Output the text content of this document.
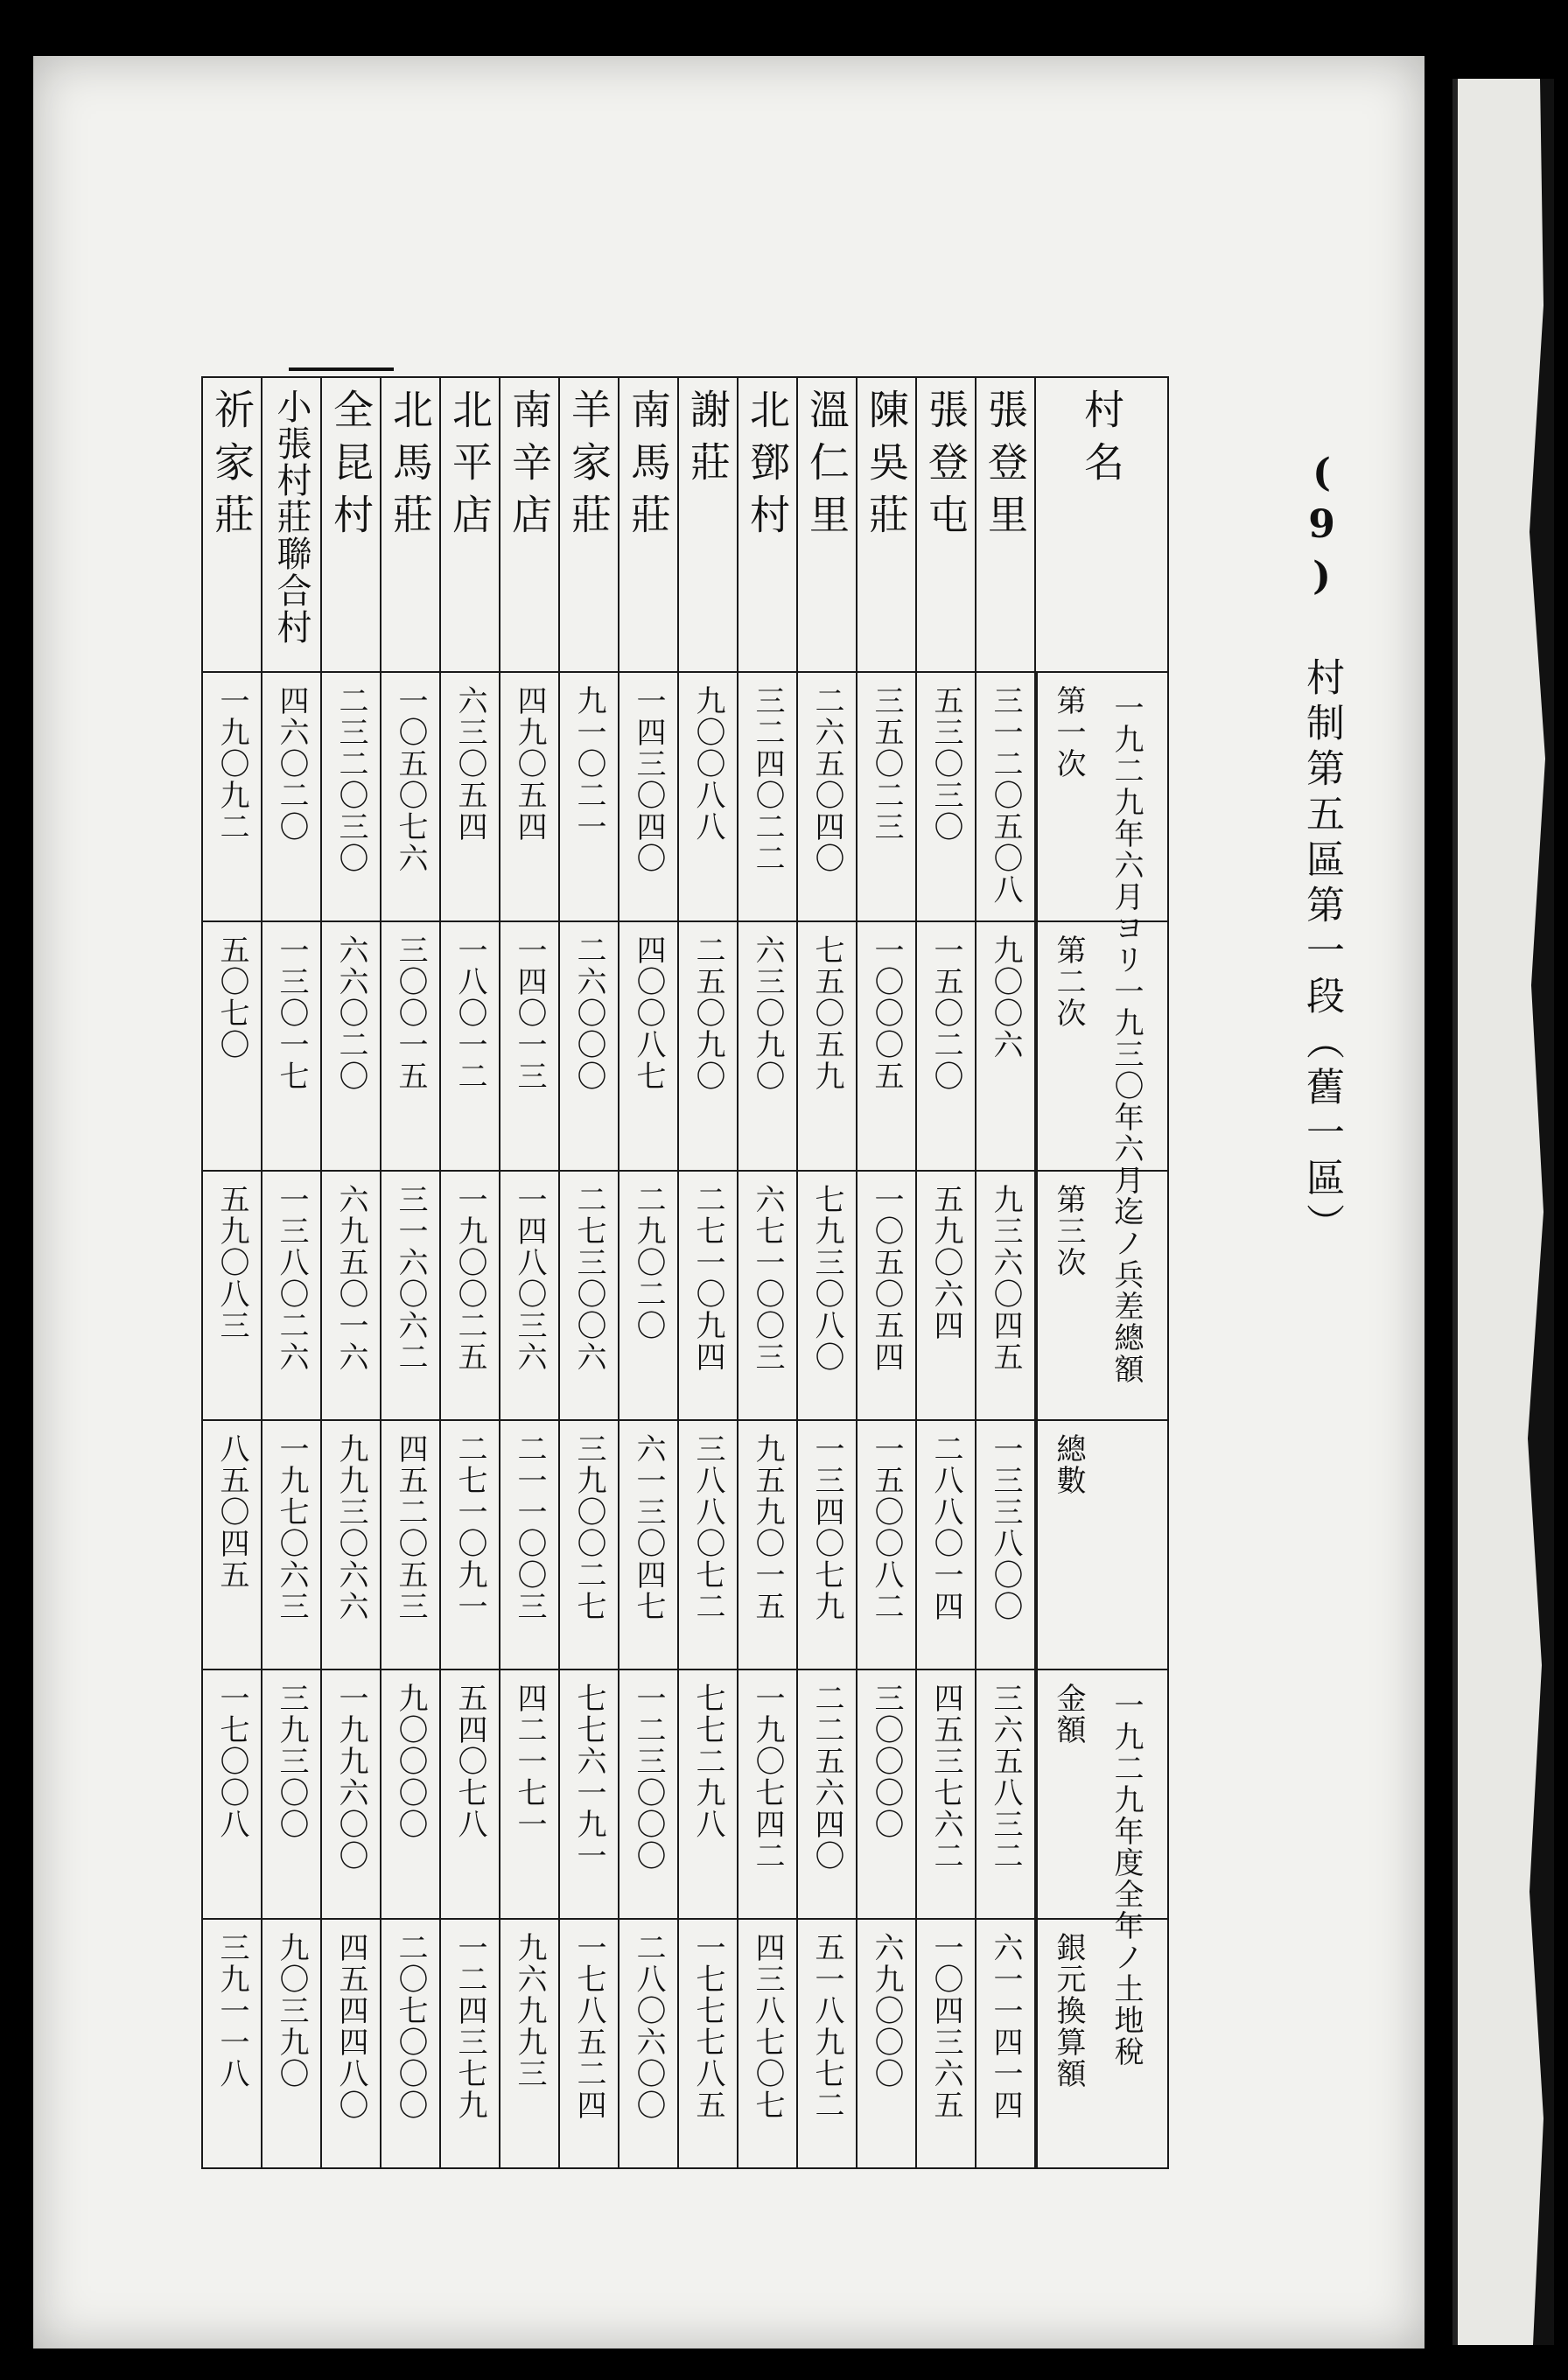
(9) 村制第五區第一段（舊一區）
村名	張登里	張登屯	陳吳莊	溫仁里	北鄧村	謝莊	南馬莊	羊家莊	南辛店	北平店	北馬莊	全昆村	小張村莊聯合村	祈家莊

第一次 一九二九年六月ヨリ一九三〇年六月迄ノ兵差總額	三一二〇五〇八	五三〇三〇	三五〇二三	二六五〇四〇	三二四〇二二	九〇〇八八	一四三〇四〇	九一〇二一	四九〇五四	六三〇五四	一〇五〇七六	二三二〇三〇	四六〇二〇	一九〇九二

第二次	九〇〇六	一五〇二〇	一〇〇〇五	七五〇五九	六三〇九〇	二五〇九〇	四〇〇八七	二六〇〇〇	一四〇一三	一八〇一二	三〇〇一五	六六〇二〇	一三〇一七	五〇七〇

第三次	九三六〇四五	五九〇六四	一〇五〇五四	七九三〇八〇	六七一〇〇三	二七一〇九四	二九〇二〇	二七三〇〇六	一四八〇三六	一九〇〇二五	三一六〇六二	六九五〇一六	一三八〇二六	五九〇八三

總數	一三三八〇〇	二八八〇一四	一五〇〇八二	一三四〇七九	九五九〇一五	三八八〇七二	六一三〇四七	三九〇〇二七	二一一〇〇三	二七一〇九一	四五二〇五三	九九三〇六六	一九七〇六三	八五〇四五

金額 一九二九年度全年ノ土地稅	三六五八三二	四五三七六二	三〇〇〇〇	二二五六四〇	一九〇七四二	七七二九八	一二三〇〇〇	七七六一九一	四二一七一	五四〇七八	九〇〇〇〇	一九九六〇〇	三九三〇〇	一七〇〇八

銀元換算額	六一一四一四	一〇四三六五	六九〇〇〇	五一八九七二	四三八七〇七	一七七七八五	二八〇六〇〇	一七八五二四	九六九九三	一二四三七九	二〇七〇〇〇	四五四四八〇	九〇三九〇	三九一一八
